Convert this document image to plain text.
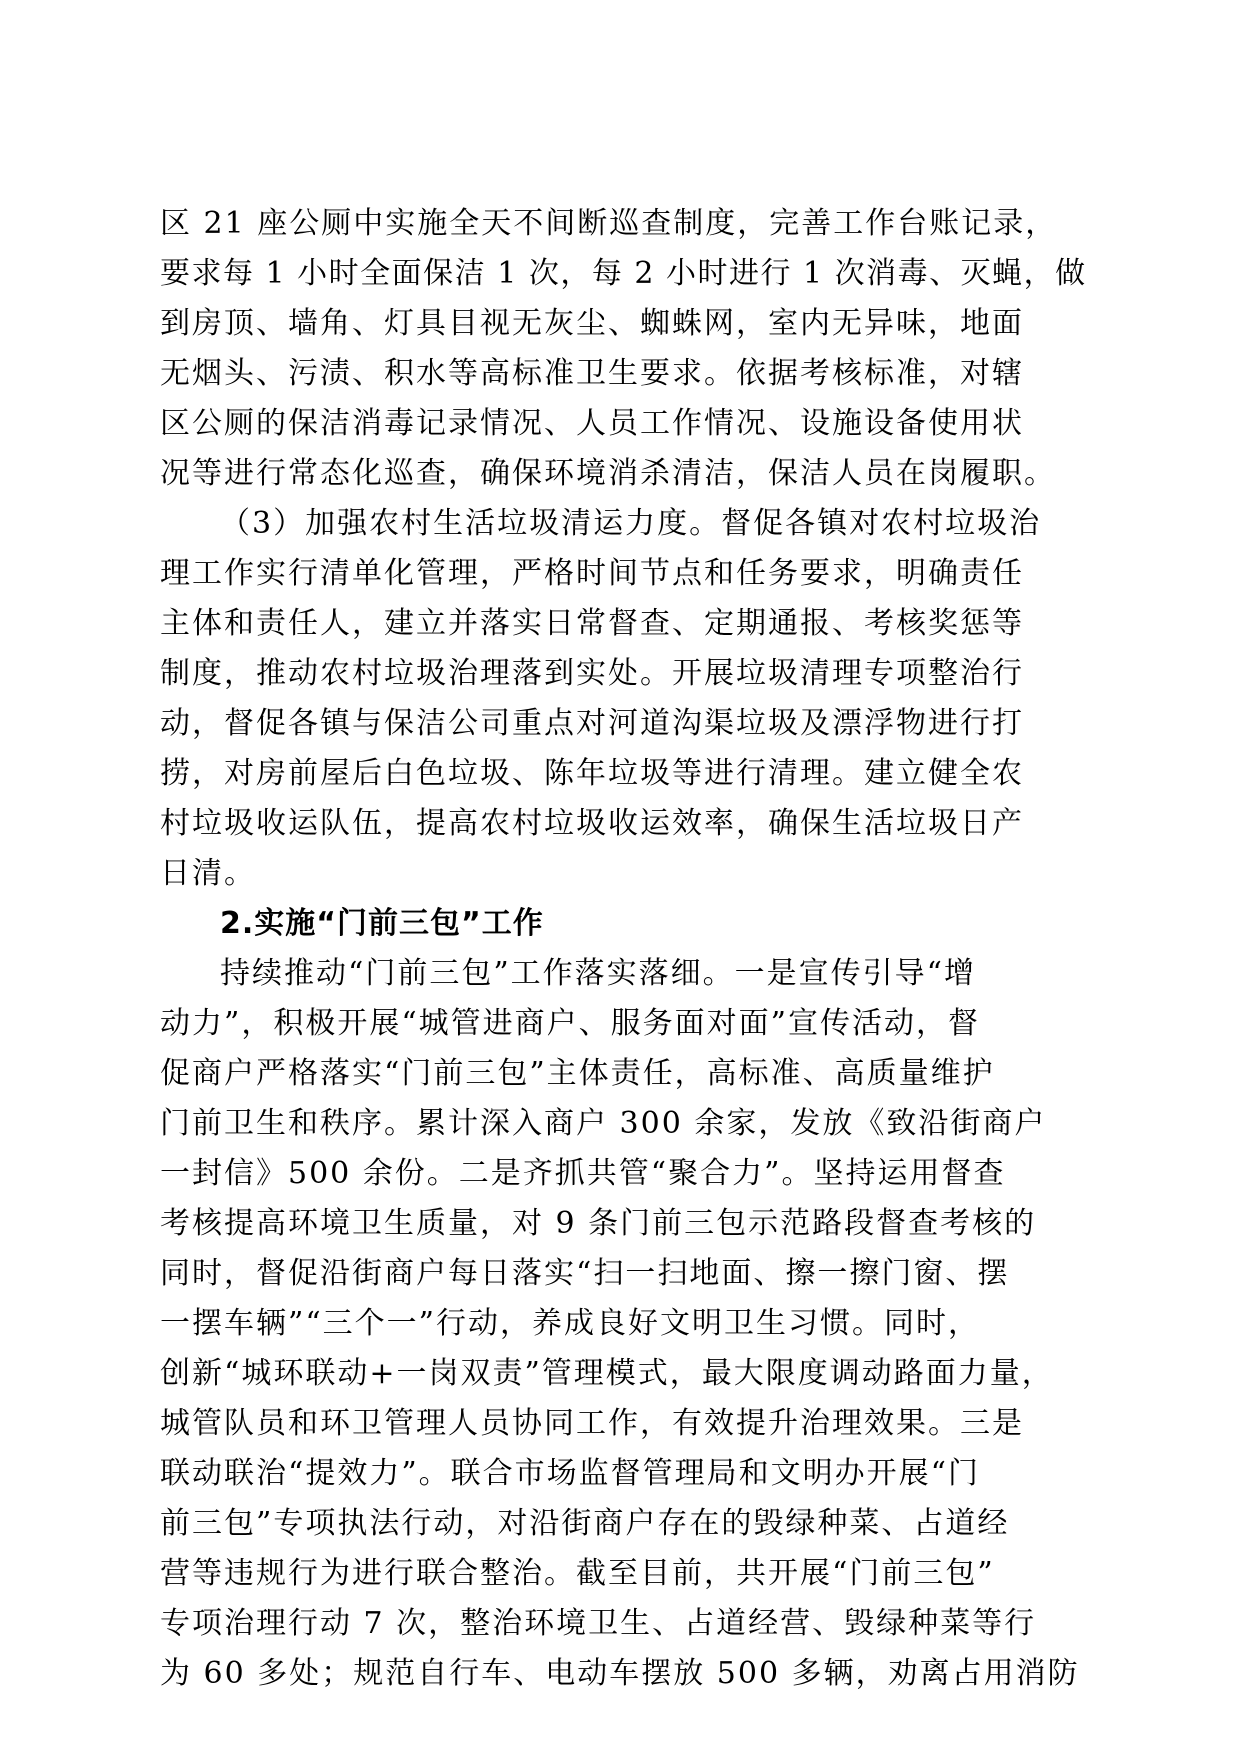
区 21 座公厕中实施全天不间断巡查制度，完善工作台账记录，
要求每 1 小时全面保洁 1 次，每 2 小时进行 1 次消毒、灭蝇，做
到房顶、墙角、灯具目视无灰尘、蜘蛛网，室内无异味，地面
无烟头、污渍、积水等高标准卫生要求。依据考核标准，对辖
区公厕的保洁消毒记录情况、人员工作情况、设施设备使用状
况等进行常态化巡查，确保环境消杀清洁，保洁人员在岗履职。
（3）加强农村生活垃圾清运力度。督促各镇对农村垃圾治
理工作实行清单化管理，严格时间节点和任务要求，明确责任
主体和责任人，建立并落实日常督查、定期通报、考核奖惩等
制度，推动农村垃圾治理落到实处。开展垃圾清理专项整治行
动，督促各镇与保洁公司重点对河道沟渠垃圾及漂浮物进行打
捞，对房前屋后白色垃圾、陈年垃圾等进行清理。建立健全农
村垃圾收运队伍，提高农村垃圾收运效率，确保生活垃圾日产
日清。
2.实施“门前三包”工作
持续推动“门前三包”工作落实落细。一是宣传引导“增
动力”，积极开展“城管进商户、服务面对面”宣传活动，督
促商户严格落实“门前三包”主体责任，高标准、高质量维护
门前卫生和秩序。累计深入商户 300 余家，发放《致沿街商户
一封信》500 余份。二是齐抓共管“聚合力”。坚持运用督查
考核提高环境卫生质量，对 9 条门前三包示范路段督查考核的
同时，督促沿街商户每日落实“扫一扫地面、擦一擦门窗、摆
一摆车辆”“三个一”行动，养成良好文明卫生习惯。同时，
创新“城环联动+一岗双责”管理模式，最大限度调动路面力量，
城管队员和环卫管理人员协同工作，有效提升治理效果。三是
联动联治“提效力”。联合市场监督管理局和文明办开展“门
前三包”专项执法行动，对沿街商户存在的毁绿种菜、占道经
营等违规行为进行联合整治。截至目前，共开展“门前三包”
专项治理行动 7 次，整治环境卫生、占道经营、毁绿种菜等行
为 60 多处；规范自行车、电动车摆放 500 多辆，劝离占用消防
